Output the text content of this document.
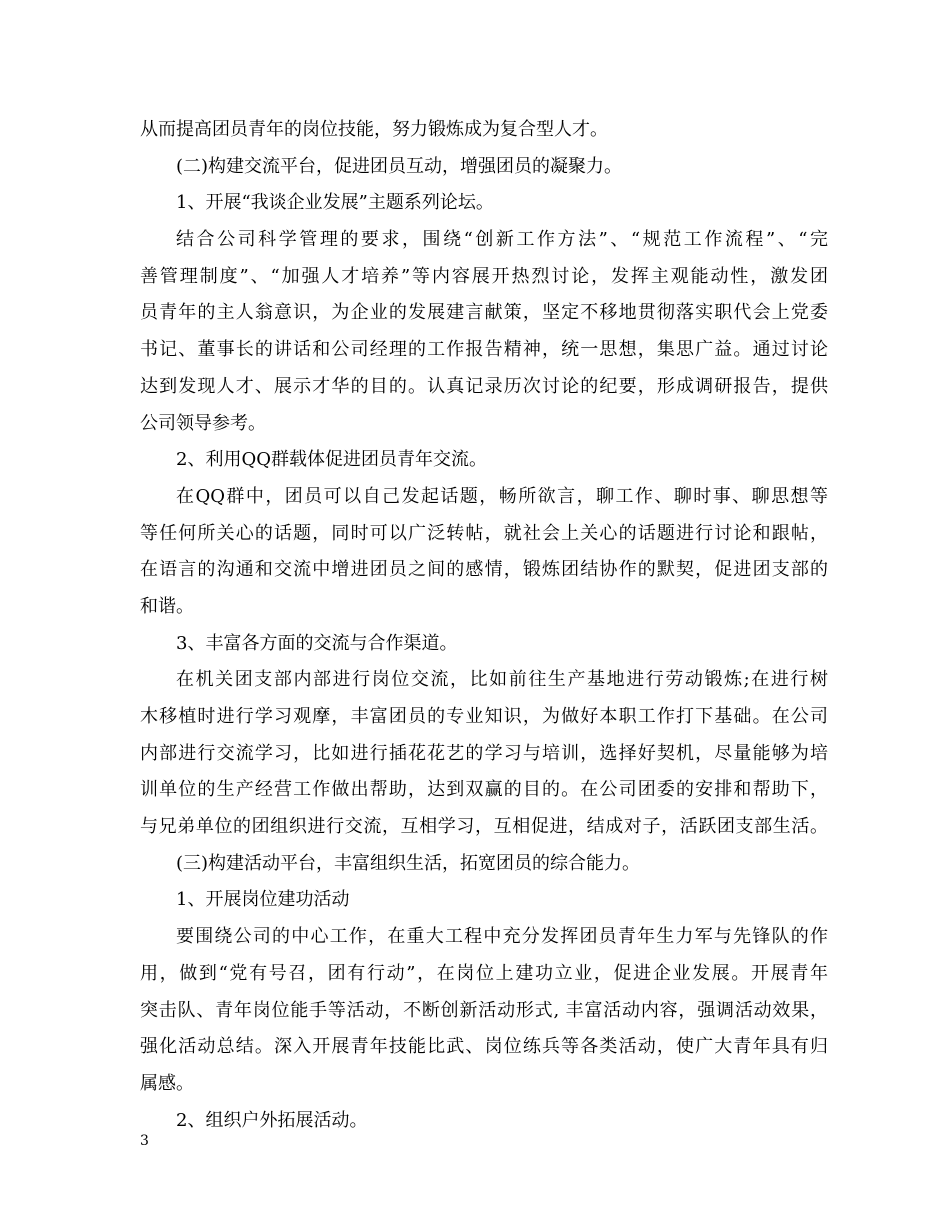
从而提高团员青年的岗位技能，努力锻炼成为复合型人才。
(二)构建交流平台，促进团员互动，增强团员的凝聚力。
1、开展“我谈企业发展”主题系列论坛。
结合公司科学管理的要求，围绕“创新工作方法”、“规范工作流程”、“完
善管理制度”、“加强人才培养”等内容展开热烈讨论，发挥主观能动性，激发团
员青年的主人翁意识，为企业的发展建言献策，坚定不移地贯彻落实职代会上党委
书记、董事长的讲话和公司经理的工作报告精神，统一思想，集思广益。通过讨论
达到发现人才、展示才华的目的。认真记录历次讨论的纪要，形成调研报告，提供
公司领导参考。
2、利用QQ群载体促进团员青年交流。
在QQ群中，团员可以自己发起话题，畅所欲言，聊工作、聊时事、聊思想等
等任何所关心的话题，同时可以广泛转帖，就社会上关心的话题进行讨论和跟帖，
在语言的沟通和交流中增进团员之间的感情，锻炼团结协作的默契，促进团支部的
和谐。
3、丰富各方面的交流与合作渠道。
在机关团支部内部进行岗位交流，比如前往生产基地进行劳动锻炼;在进行树
木移植时进行学习观摩，丰富团员的专业知识，为做好本职工作打下基础。在公司
内部进行交流学习，比如进行插花花艺的学习与培训，选择好契机，尽量能够为培
训单位的生产经营工作做出帮助，达到双赢的目的。在公司团委的安排和帮助下，
与兄弟单位的团组织进行交流，互相学习，互相促进，结成对子，活跃团支部生活。
(三)构建活动平台，丰富组织生活，拓宽团员的综合能力。
1、开展岗位建功活动
要围绕公司的中心工作，在重大工程中充分发挥团员青年生力军与先锋队的作
用，做到“党有号召，团有行动”，在岗位上建功立业，促进企业发展。开展青年
突击队、青年岗位能手等活动，不断创新活动形式, 丰富活动内容，强调活动效果，
强化活动总结。深入开展青年技能比武、岗位练兵等各类活动，使广大青年具有归
属感。
2、组织户外拓展活动。
3
